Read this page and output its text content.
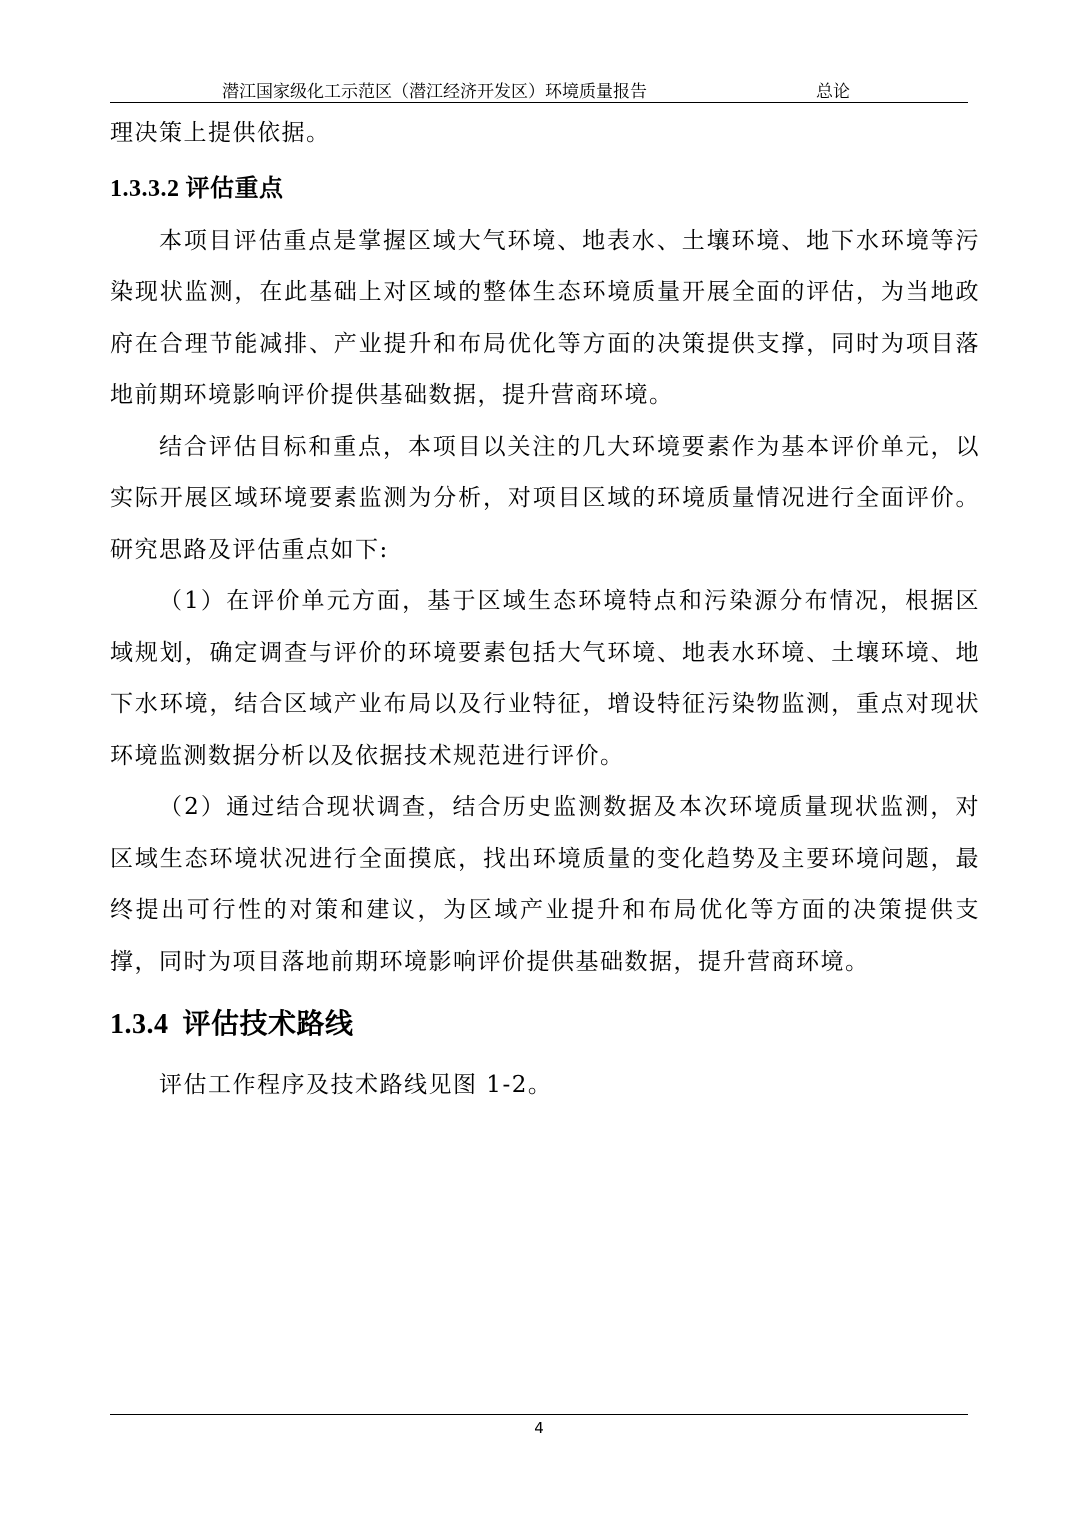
潜江国家级化工示范区（潜江经济开发区）环境质量报告	总论

理决策上提供依据。

1.3.3.2 评估重点

本项目评估重点是掌握区域大气环境、地表水、土壤环境、地下水环境等污染现状监测，在此基础上对区域的整体生态环境质量开展全面的评估，为当地政府在合理节能减排、产业提升和布局优化等方面的决策提供支撑，同时为项目落地前期环境影响评价提供基础数据，提升营商环境。

结合评估目标和重点，本项目以关注的几大环境要素作为基本评价单元，以实际开展区域环境要素监测为分析，对项目区域的环境质量情况进行全面评价。研究思路及评估重点如下:

（1）在评价单元方面，基于区域生态环境特点和污染源分布情况，根据区域规划，确定调查与评价的环境要素包括大气环境、地表水环境、土壤环境、地下水环境，结合区域产业布局以及行业特征，增设特征污染物监测，重点对现状环境监测数据分析以及依据技术规范进行评价。

（2）通过结合现状调查，结合历史监测数据及本次环境质量现状监测，对区域生态环境状况进行全面摸底，找出环境质量的变化趋势及主要环境问题，最终提出可行性的对策和建议，为区域产业提升和布局优化等方面的决策提供支撑，同时为项目落地前期环境影响评价提供基础数据，提升营商环境。

1.3.4 评估技术路线

评估工作程序及技术路线见图 1-2。

4
